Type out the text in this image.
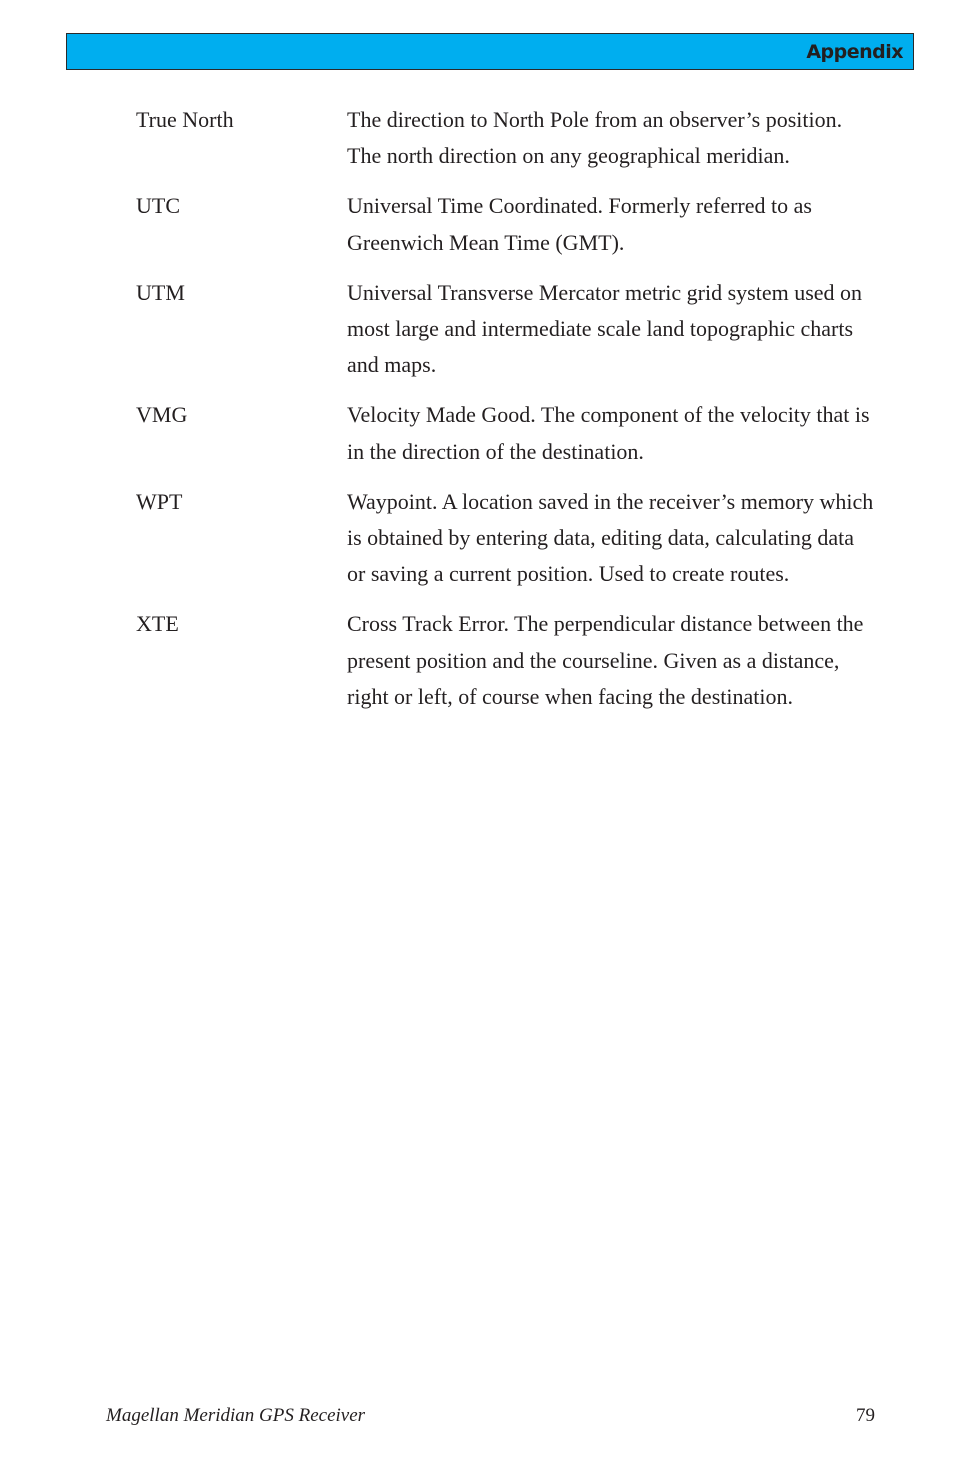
Appendix
True North	The direction to North Pole from an observer’s position. The north direction on any geographical meridian.
UTC	Universal Time Coordinated. Formerly referred to as Greenwich Mean Time (GMT).
UTM	Universal Transverse Mercator metric grid system used on most large and intermediate scale land topographic charts and maps.
VMG	Velocity Made Good. The component of the velocity that is in the direction of the destination.
WPT	Waypoint. A location saved in the receiver’s memory which is obtained by entering data, editing data, calculating data or saving a current position. Used to create routes.
XTE	Cross Track Error. The perpendicular distance between the present position and the courseline. Given as a distance, right or left, of course when facing the destination.
Magellan Meridian GPS Receiver	79
